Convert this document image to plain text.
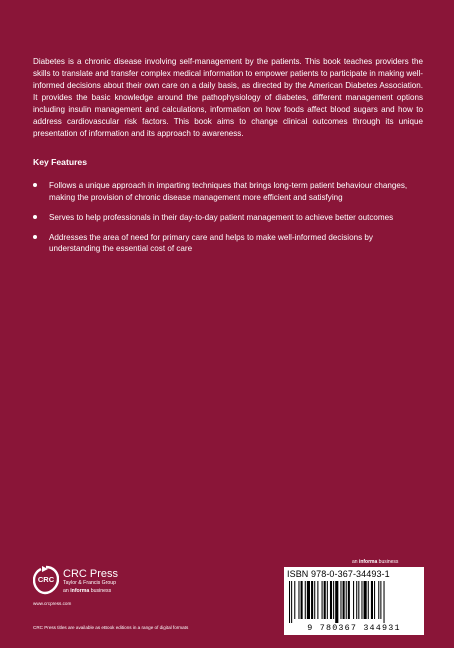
Diabetes is a chronic disease involving self-management by the patients. This book teaches providers the skills to translate and transfer complex medical information to empower patients to participate in making well-informed decisions about their own care on a daily basis, as directed by the American Diabetes Association. It provides the basic knowledge around the pathophysiology of diabetes, different management options including insulin management and calculations, information on how foods affect blood sugars and how to address cardiovascular risk factors. This book aims to change clinical outcomes through its unique presentation of information and its approach to awareness.

Key Features
Follows a unique approach in imparting techniques that brings long-term patient behaviour changes, making the provision of chronic disease management more efficient and satisfying
Serves to help professionals in their day-to-day patient management to achieve better outcomes
Addresses the area of need for primary care and helps to make well-informed decisions by understanding the essential cost of care
an informa business
ISBN 978-0-367-34493-1
9 780367 344931
CRC CRC Press
Taylor & Francis Group
an informa business
www.crcpress.com
CRC Press titles are available as eBook editions in a range of digital formats
